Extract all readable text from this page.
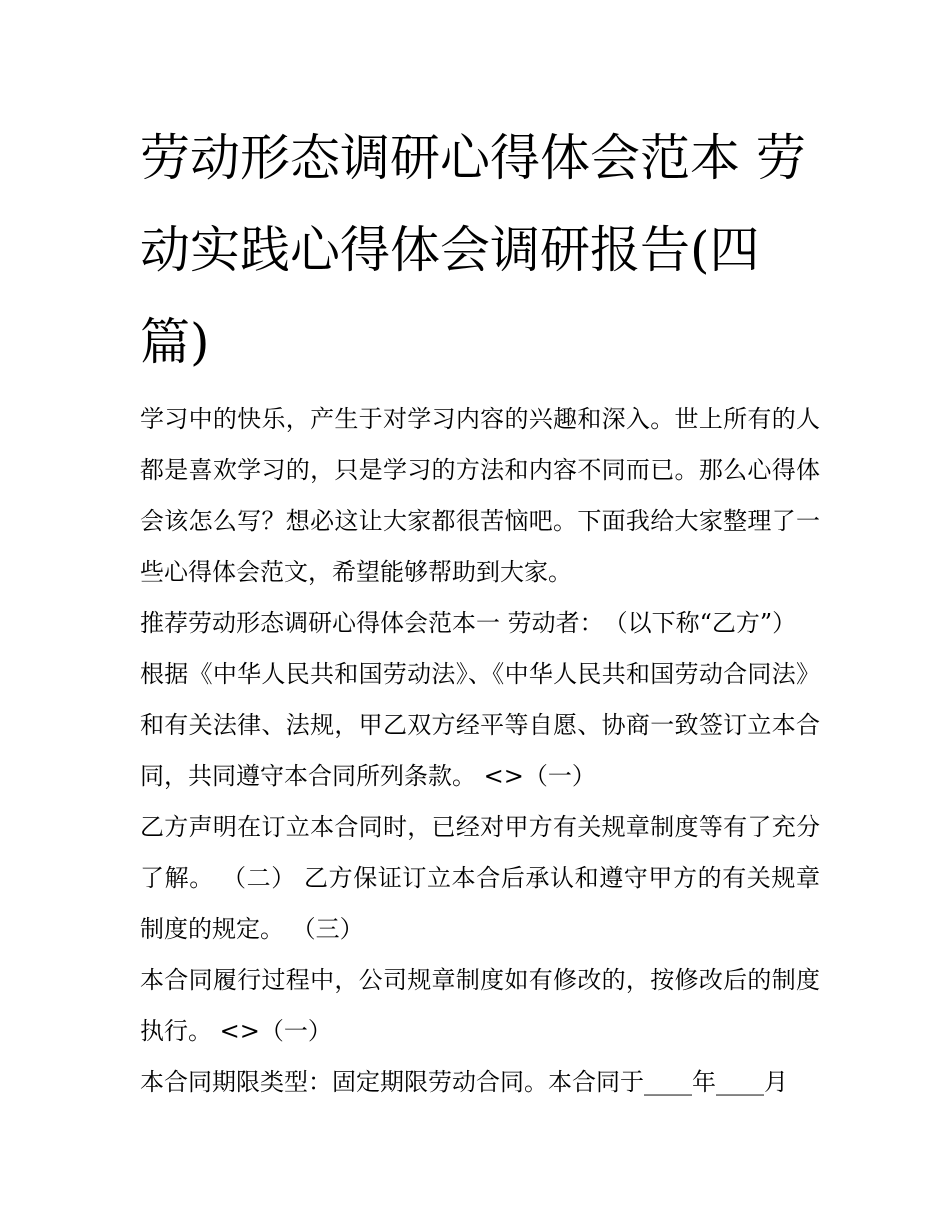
劳动形态调研心得体会范本 劳动实践心得体会调研报告(四篇)

学习中的快乐，产生于对学习内容的兴趣和深入。世上所有的人都是喜欢学习的，只是学习的方法和内容不同而已。那么心得体会该怎么写？想必这让大家都很苦恼吧。下面我给大家整理了一些心得体会范文，希望能够帮助到大家。

推荐劳动形态调研心得体会范本一 劳动者：　（以下称“乙方”）

根据《中华人民共和国劳动法》、《中华人民共和国劳动合同法》和有关法律、法规，甲乙双方经平等自愿、协商一致签订立本合同，共同遵守本合同所列条款。 <>（一）

乙方声明在订立本合同时，已经对甲方有关规章制度等有了充分了解。 （二） 乙方保证订立本合后承认和遵守甲方的有关规章制度的规定。 （三）

本合同履行过程中，公司规章制度如有修改的，按修改后的制度执行。 <>（一）

本合同期限类型：固定期限劳动合同。本合同于____年____月
